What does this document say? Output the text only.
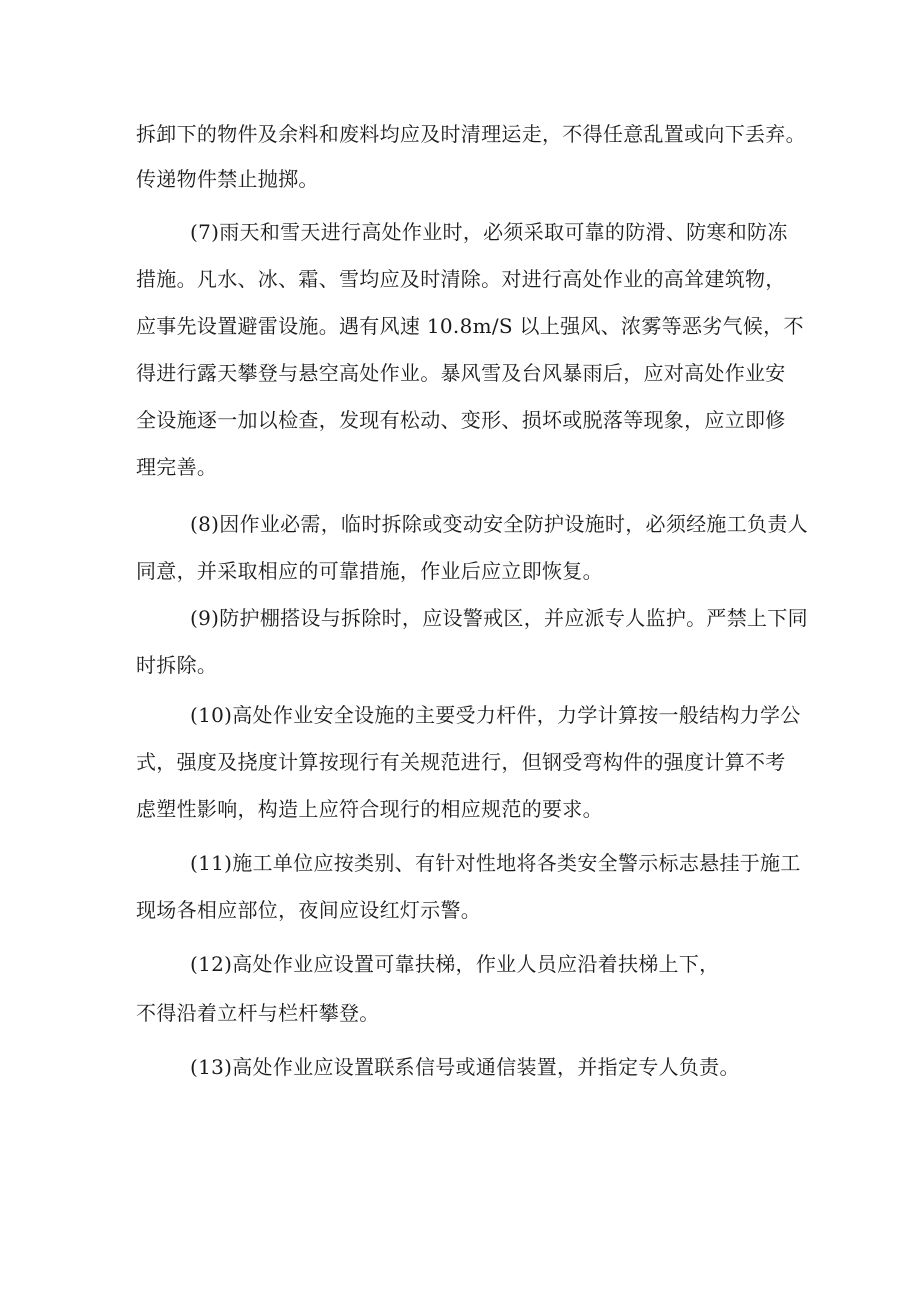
拆卸下的物件及余料和废料均应及时清理运走，不得任意乱置或向下丢弃。
传递物件禁止抛掷。
(7)雨天和雪天进行高处作业时，必须采取可靠的防滑、防寒和防冻
措施。凡水、冰、霜、雪均应及时清除。对进行高处作业的高耸建筑物，
应事先设置避雷设施。遇有风速 10.8m/S 以上强风、浓雾等恶劣气候，不
得进行露天攀登与悬空高处作业。暴风雪及台风暴雨后，应对高处作业安
全设施逐一加以检查，发现有松动、变形、损坏或脱落等现象，应立即修
理完善。
(8)因作业必需，临时拆除或变动安全防护设施时，必须经施工负责人
同意，并采取相应的可靠措施，作业后应立即恢复。
(9)防护棚搭设与拆除时，应设警戒区，并应派专人监护。严禁上下同
时拆除。
(10)高处作业安全设施的主要受力杆件，力学计算按一般结构力学公
式，强度及挠度计算按现行有关规范进行，但钢受弯构件的强度计算不考
虑塑性影响，构造上应符合现行的相应规范的要求。
(11)施工单位应按类别、有针对性地将各类安全警示标志悬挂于施工
现场各相应部位，夜间应设红灯示警。
(12)高处作业应设置可靠扶梯，作业人员应沿着扶梯上下，
不得沿着立杆与栏杆攀登。
(13)高处作业应设置联系信号或通信装置，并指定专人负责。
